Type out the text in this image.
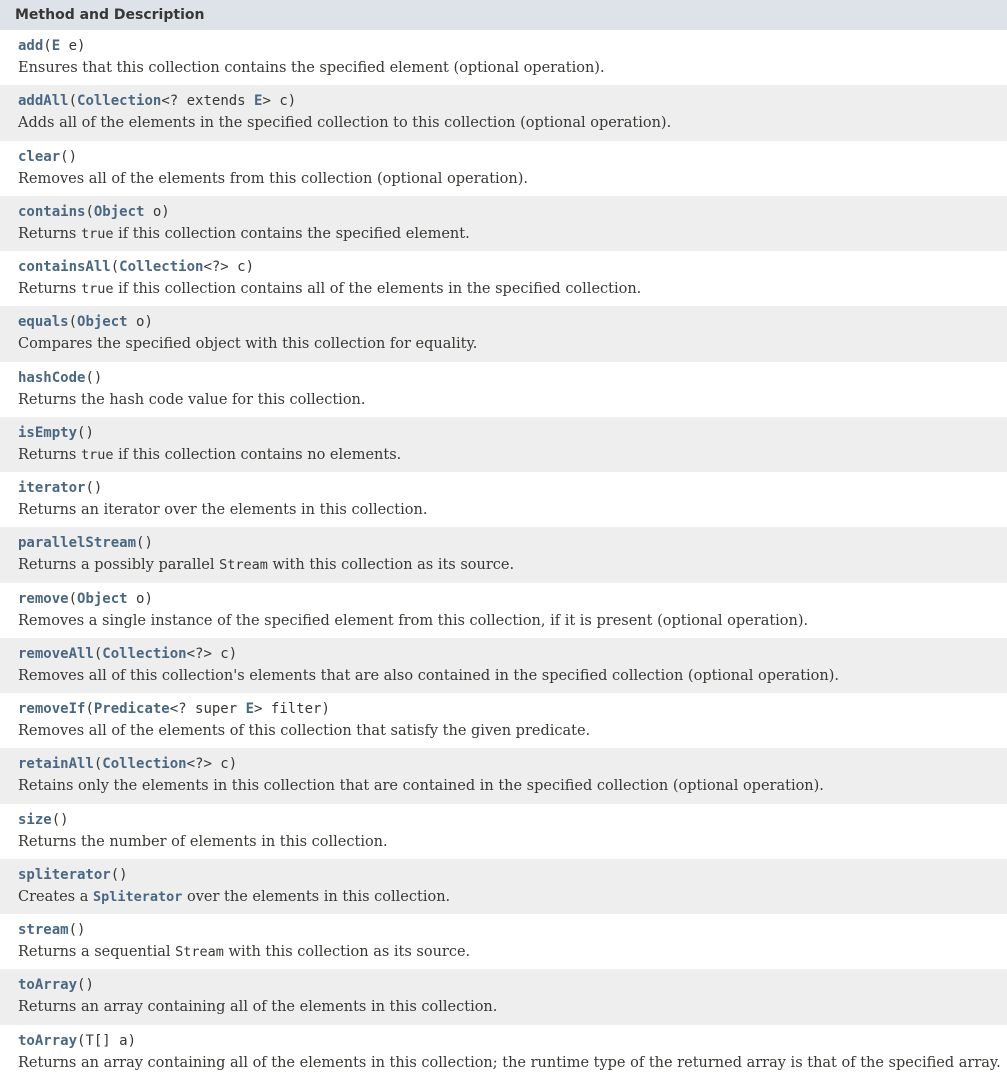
Method and Description
add(E e)
Ensures that this collection contains the specified element (optional operation).
addAll(Collection<? extends E> c)
Adds all of the elements in the specified collection to this collection (optional operation).
clear()
Removes all of the elements from this collection (optional operation).
contains(Object o)
Returns true if this collection contains the specified element.
containsAll(Collection<?> c)
Returns true if this collection contains all of the elements in the specified collection.
equals(Object o)
Compares the specified object with this collection for equality.
hashCode()
Returns the hash code value for this collection.
isEmpty()
Returns true if this collection contains no elements.
iterator()
Returns an iterator over the elements in this collection.
parallelStream()
Returns a possibly parallel Stream with this collection as its source.
remove(Object o)
Removes a single instance of the specified element from this collection, if it is present (optional operation).
removeAll(Collection<?> c)
Removes all of this collection's elements that are also contained in the specified collection (optional operation).
removeIf(Predicate<? super E> filter)
Removes all of the elements of this collection that satisfy the given predicate.
retainAll(Collection<?> c)
Retains only the elements in this collection that are contained in the specified collection (optional operation).
size()
Returns the number of elements in this collection.
spliterator()
Creates a Spliterator over the elements in this collection.
stream()
Returns a sequential Stream with this collection as its source.
toArray()
Returns an array containing all of the elements in this collection.
toArray(T[] a)
Returns an array containing all of the elements in this collection; the runtime type of the returned array is that of the specified array.
